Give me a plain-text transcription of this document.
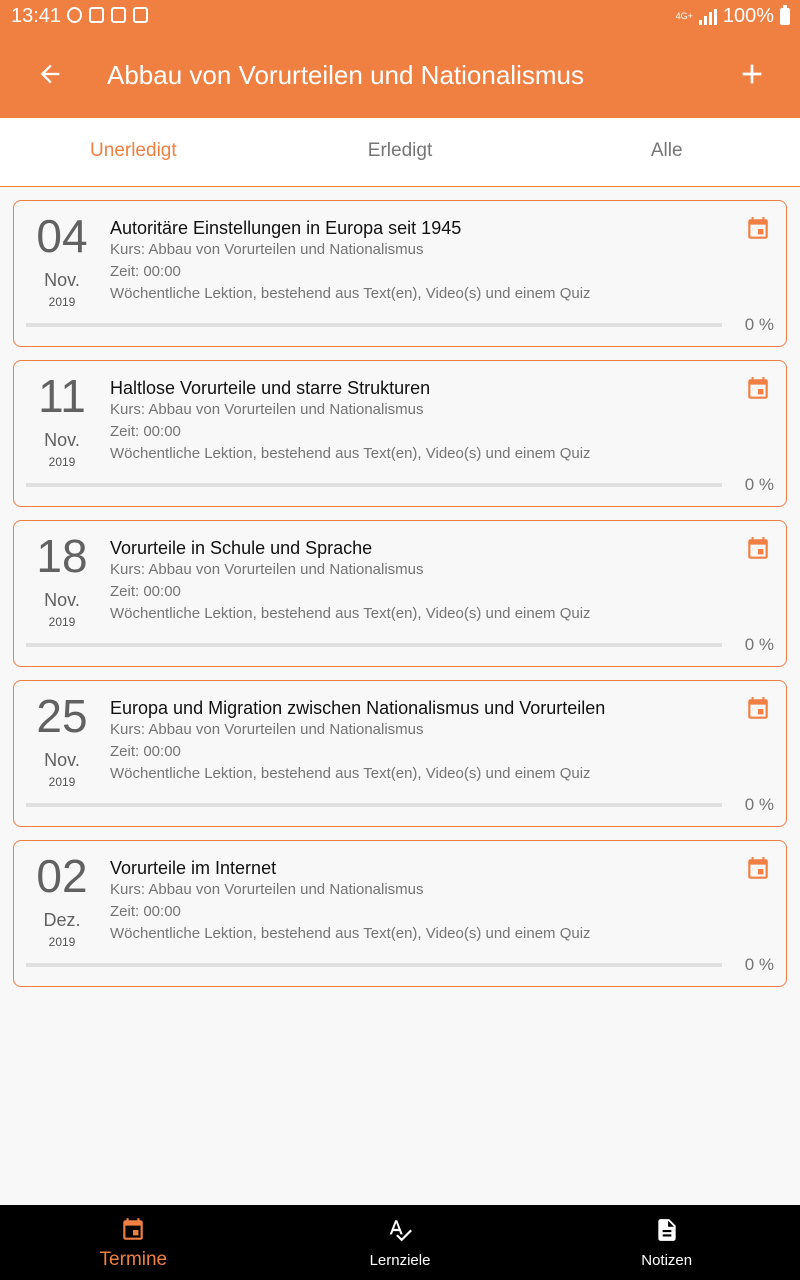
13:41	4G+ 100%
Abbau von Vorurteilen und Nationalismus
Unerledigt	Erledigt	Alle
04
Nov.
2019
Autoritäre Einstellungen in Europa seit 1945
Kurs: Abbau von Vorurteilen und Nationalismus
Zeit: 00:00
Wöchentliche Lektion, bestehend aus Text(en), Video(s) und einem Quiz
0 %
11
Nov.
2019
Haltlose Vorurteile und starre Strukturen
Kurs: Abbau von Vorurteilen und Nationalismus
Zeit: 00:00
Wöchentliche Lektion, bestehend aus Text(en), Video(s) und einem Quiz
0 %
18
Nov.
2019
Vorurteile in Schule und Sprache
Kurs: Abbau von Vorurteilen und Nationalismus
Zeit: 00:00
Wöchentliche Lektion, bestehend aus Text(en), Video(s) und einem Quiz
0 %
25
Nov.
2019
Europa und Migration zwischen Nationalismus und Vorurteilen
Kurs: Abbau von Vorurteilen und Nationalismus
Zeit: 00:00
Wöchentliche Lektion, bestehend aus Text(en), Video(s) und einem Quiz
0 %
02
Dez.
2019
Vorurteile im Internet
Kurs: Abbau von Vorurteilen und Nationalismus
Zeit: 00:00
Wöchentliche Lektion, bestehend aus Text(en), Video(s) und einem Quiz
0 %
Termine	Lernziele	Notizen
